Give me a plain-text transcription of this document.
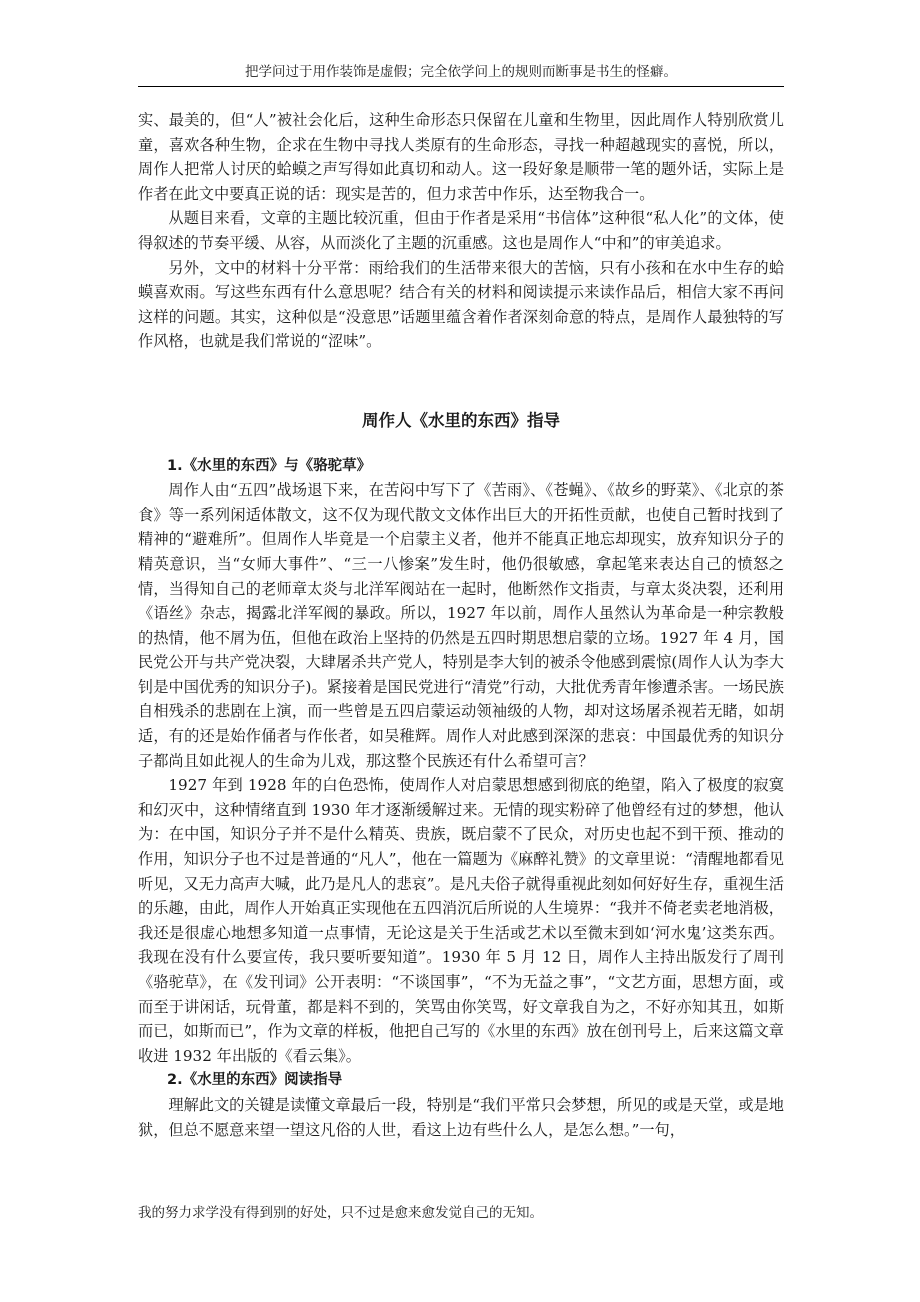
把学问过于用作装饰是虚假；完全依学问上的规则而断事是书生的怪癖。

实、最美的，但“人”被社会化后，这种生命形态只保留在儿童和生物里，因此周作人特别欣赏儿童，喜欢各种生物，企求在生物中寻找人类原有的生命形态，寻找一种超越现实的喜悦，所以，周作人把常人讨厌的蛤蟆之声写得如此真切和动人。这一段好象是顺带一笔的题外话，实际上是作者在此文中要真正说的话：现实是苦的，但力求苦中作乐，达至物我合一。

从题目来看，文章的主题比较沉重，但由于作者是采用“书信体”这种很“私人化”的文体，使得叙述的节奏平缓、从容，从而淡化了主题的沉重感。这也是周作人“中和”的审美追求。

另外，文中的材料十分平常：雨给我们的生活带来很大的苦恼，只有小孩和在水中生存的蛤蟆喜欢雨。写这些东西有什么意思呢？结合有关的材料和阅读提示来读作品后，相信大家不再问这样的问题。其实，这种似是“没意思”话题里蕴含着作者深刻命意的特点，是周作人最独特的写作风格，也就是我们常说的“涩味”。

周作人《水里的东西》指导

1.《水里的东西》与《骆驼草》

周作人由“五四”战场退下来，在苦闷中写下了《苦雨》、《苍蝇》、《故乡的野菜》、《北京的茶食》等一系列闲适体散文，这不仅为现代散文文体作出巨大的开拓性贡献，也使自己暂时找到了精神的“避难所”。但周作人毕竟是一个启蒙主义者，他并不能真正地忘却现实，放弃知识分子的精英意识，当“女师大事件”、“三一八惨案”发生时，他仍很敏感，拿起笔来表达自己的愤怒之情，当得知自己的老师章太炎与北洋军阀站在一起时，他断然作文指责，与章太炎决裂，还利用《语丝》杂志，揭露北洋军阀的暴政。所以，1927 年以前，周作人虽然认为革命是一种宗教般的热情，他不屑为伍，但他在政治上坚持的仍然是五四时期思想启蒙的立场。1927 年 4 月，国民党公开与共产党决裂，大肆屠杀共产党人，特别是李大钊的被杀令他感到震惊(周作人认为李大钊是中国优秀的知识分子)。紧接着是国民党进行“清党”行动，大批优秀青年惨遭杀害。一场民族自相残杀的悲剧在上演，而一些曾是五四启蒙运动领袖级的人物，却对这场屠杀视若无睹，如胡适，有的还是始作俑者与作伥者，如吴稚辉。周作人对此感到深深的悲哀：中国最优秀的知识分子都尚且如此视人的生命为儿戏，那这整个民族还有什么希望可言？

1927 年到 1928 年的白色恐怖，使周作人对启蒙思想感到彻底的绝望，陷入了极度的寂寞和幻灭中，这种情绪直到 1930 年才逐渐缓解过来。无情的现实粉碎了他曾经有过的梦想，他认为：在中国，知识分子并不是什么精英、贵族，既启蒙不了民众，对历史也起不到干预、推动的作用，知识分子也不过是普通的“凡人”，他在一篇题为《麻醉礼赞》的文章里说：“清醒地都看见听见，又无力高声大喊，此乃是凡人的悲哀”。是凡夫俗子就得重视此刻如何好好生存，重视生活的乐趣，由此，周作人开始真正实现他在五四消沉后所说的人生境界：“我并不倚老卖老地消极，我还是很虚心地想多知道一点事情，无论这是关于生活或艺术以至微末到如‘河水鬼’这类东西。我现在没有什么要宣传，我只要听要知道”。1930 年 5 月 12 日，周作人主持出版发行了周刊《骆驼草》，在《发刊词》公开表明：“不谈国事”，“不为无益之事”，“文艺方面，思想方面，或而至于讲闲话，玩骨董，都是料不到的，笑骂由你笑骂，好文章我自为之，不好亦知其丑，如斯而已，如斯而已”，作为文章的样板，他把自己写的《水里的东西》放在创刊号上，后来这篇文章收进 1932 年出版的《看云集》。

2.《水里的东西》阅读指导

理解此文的关键是读懂文章最后一段，特别是“我们平常只会梦想，所见的或是天堂，或是地狱，但总不愿意来望一望这凡俗的人世，看这上边有些什么人，是怎么想。”一句，

我的努力求学没有得到别的好处，只不过是愈来愈发觉自己的无知。
